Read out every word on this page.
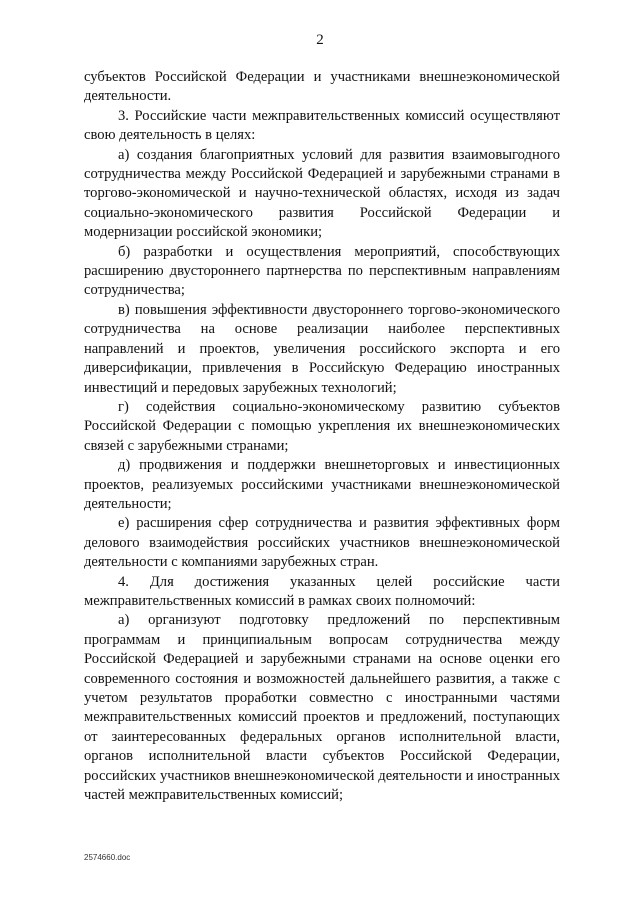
2

субъектов Российской Федерации и участниками внешнеэкономической деятельности.

3. Российские части межправительственных комиссий осуществляют свою деятельность в целях:

а) создания благоприятных условий для развития взаимовыгодного сотрудничества между Российской Федерацией и зарубежными странами в торгово-экономической и научно-технической областях, исходя из задач социально-экономического развития Российской Федерации и модернизации российской экономики;

б) разработки и осуществления мероприятий, способствующих расширению двустороннего партнерства по перспективным направлениям сотрудничества;

в) повышения эффективности двустороннего торгово-экономического сотрудничества на основе реализации наиболее перспективных направлений и проектов, увеличения российского экспорта и его диверсификации, привлечения в Российскую Федерацию иностранных инвестиций и передовых зарубежных технологий;

г) содействия социально-экономическому развитию субъектов Российской Федерации с помощью укрепления их внешнеэкономических связей с зарубежными странами;

д) продвижения и поддержки внешнеторговых и инвестиционных проектов, реализуемых российскими участниками внешнеэкономической деятельности;

е) расширения сфер сотрудничества и развития эффективных форм делового взаимодействия российских участников внешнеэкономической деятельности с компаниями зарубежных стран.

4. Для достижения указанных целей российские части межправительственных комиссий в рамках своих полномочий:

а) организуют подготовку предложений по перспективным программам и принципиальным вопросам сотрудничества между Российской Федерацией и зарубежными странами на основе оценки его современного состояния и возможностей дальнейшего развития, а также с учетом результатов проработки совместно с иностранными частями межправительственных комиссий проектов и предложений, поступающих от заинтересованных федеральных органов исполнительной власти, органов исполнительной власти субъектов Российской Федерации, российских участников внешнеэкономической деятельности и иностранных частей межправительственных комиссий;

2574660.doc
